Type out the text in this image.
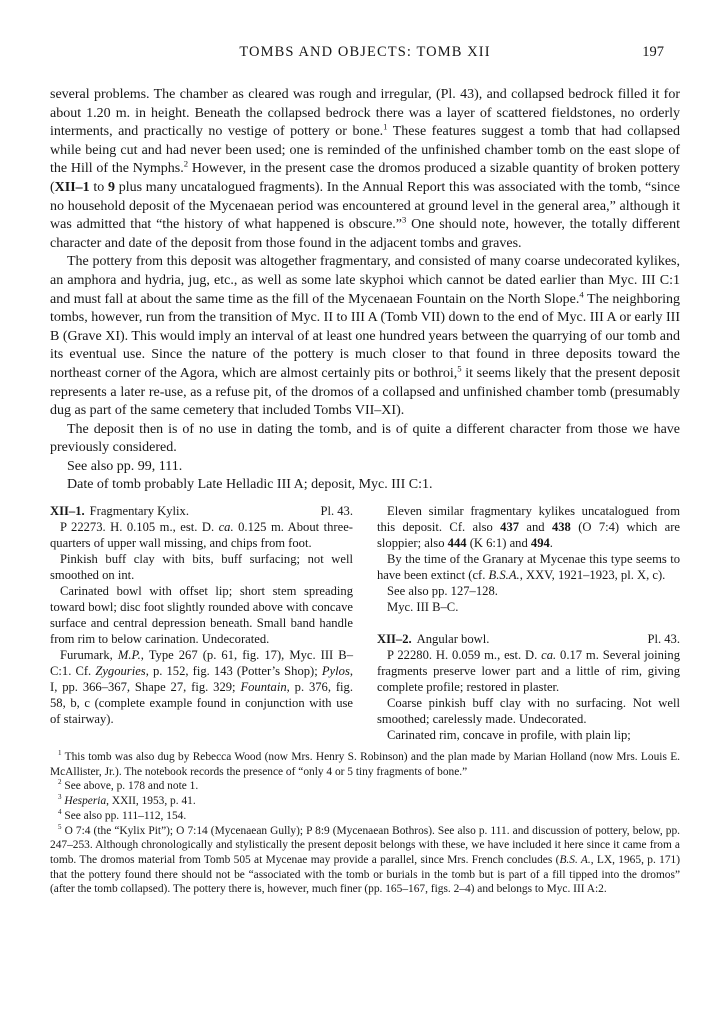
TOMBS AND OBJECTS: TOMB XII	197

several problems. The chamber as cleared was rough and irregular, (Pl. 43), and collapsed bedrock filled it for about 1.20 m. in height. Beneath the collapsed bedrock there was a layer of scattered fieldstones, no orderly interments, and practically no vestige of pottery or bone.$^1$ These features suggest a tomb that had collapsed while being cut and had never been used; one is reminded of the unfinished chamber tomb on the east slope of the Hill of the Nymphs.$^2$ However, in the present case the dromos produced a sizable quantity of broken pottery (XII–1 to 9 plus many uncatalogued fragments). In the Annual Report this was associated with the tomb, “since no household deposit of the Mycenaean period was encountered at ground level in the general area,” although it was admitted that “the history of what happened is obscure.”$^3$ One should note, however, the totally different character and date of the deposit from those found in the adjacent tombs and graves.

The pottery from this deposit was altogether fragmentary, and consisted of many coarse undecorated kylikes, an amphora and hydria, jug, etc., as well as some late skyphoi which cannot be dated earlier than Myc. III C:1 and must fall at about the same time as the fill of the Mycenaean Fountain on the North Slope.$^4$ The neighboring tombs, however, run from the transition of Myc. II to III A (Tomb VII) down to the end of Myc. III A or early III B (Grave XI). This would imply an interval of at least one hundred years between the quarrying of our tomb and its eventual use. Since the nature of the pottery is much closer to that found in three deposits toward the northeast corner of the Agora, which are almost certainly pits or bothroi,$^5$ it seems likely that the present deposit represents a later re-use, as a refuse pit, of the dromos of a collapsed and unfinished chamber tomb (presumably dug as part of the same cemetery that included Tombs VII–XI).

The deposit then is of no use in dating the tomb, and is of quite a different character from those we have previously considered.

See also pp. 99, 111.

Date of tomb probably Late Helladic III A; deposit, Myc. III C:1.

XII–1. Fragmentary Kylix.	Pl. 43.

P 22273. H. 0.105 m., est. D. ca. 0.125 m. About three-quarters of upper wall missing, and chips from foot.

Pinkish buff clay with bits, buff surfacing; not well smoothed on int.

Carinated bowl with offset lip; short stem spreading toward bowl; disc foot slightly rounded above with concave surface and central depression beneath. Small band handle from rim to below carination. Undecorated.

Furumark, M.P., Type 267 (p. 61, fig. 17), Myc. III B–C:1. Cf. Zygouries, p. 152, fig. 143 (Potter’s Shop); Pylos, I, pp. 366–367, Shape 27, fig. 329; Fountain, p. 376, fig. 58, b, c (complete example found in conjunction with use of stairway).

Eleven similar fragmentary kylikes uncatalogued from this deposit. Cf. also 437 and 438 (O 7:4) which are sloppier; also 444 (K 6:1) and 494.

By the time of the Granary at Mycenae this type seems to have been extinct (cf. B.S.A., XXV, 1921–1923, pl. X, c).

See also pp. 127–128.

Myc. III B–C.

XII–2. Angular bowl.	Pl. 43.

P 22280. H. 0.059 m., est. D. ca. 0.17 m. Several joining fragments preserve lower part and a little of rim, giving complete profile; restored in plaster.

Coarse pinkish buff clay with no surfacing. Not well smoothed; carelessly made. Undecorated.

Carinated rim, concave in profile, with plain lip;

$^1$ This tomb was also dug by Rebecca Wood (now Mrs. Henry S. Robinson) and the plan made by Marian Holland (now Mrs. Louis E. McAllister, Jr.). The notebook records the presence of “only 4 or 5 tiny fragments of bone.”

$^2$ See above, p. 178 and note 1.

$^3$ Hesperia, XXII, 1953, p. 41.

$^4$ See also pp. 111–112, 154.

$^5$ O 7:4 (the “Kylix Pit”); O 7:14 (Mycenaean Gully); P 8:9 (Mycenaean Bothros). See also p. 111. and discussion of pottery, below, pp. 247–253. Although chronologically and stylistically the present deposit belongs with these, we have included it here since it came from a tomb. The dromos material from Tomb 505 at Mycenae may provide a parallel, since Mrs. French concludes (B.S. A., LX, 1965, p. 171) that the pottery found there should not be “associated with the tomb or burials in the tomb but is part of a fill tipped into the dromos” (after the tomb collapsed). The pottery there is, however, much finer (pp. 165–167, figs. 2–4) and belongs to Myc. III A:2.
